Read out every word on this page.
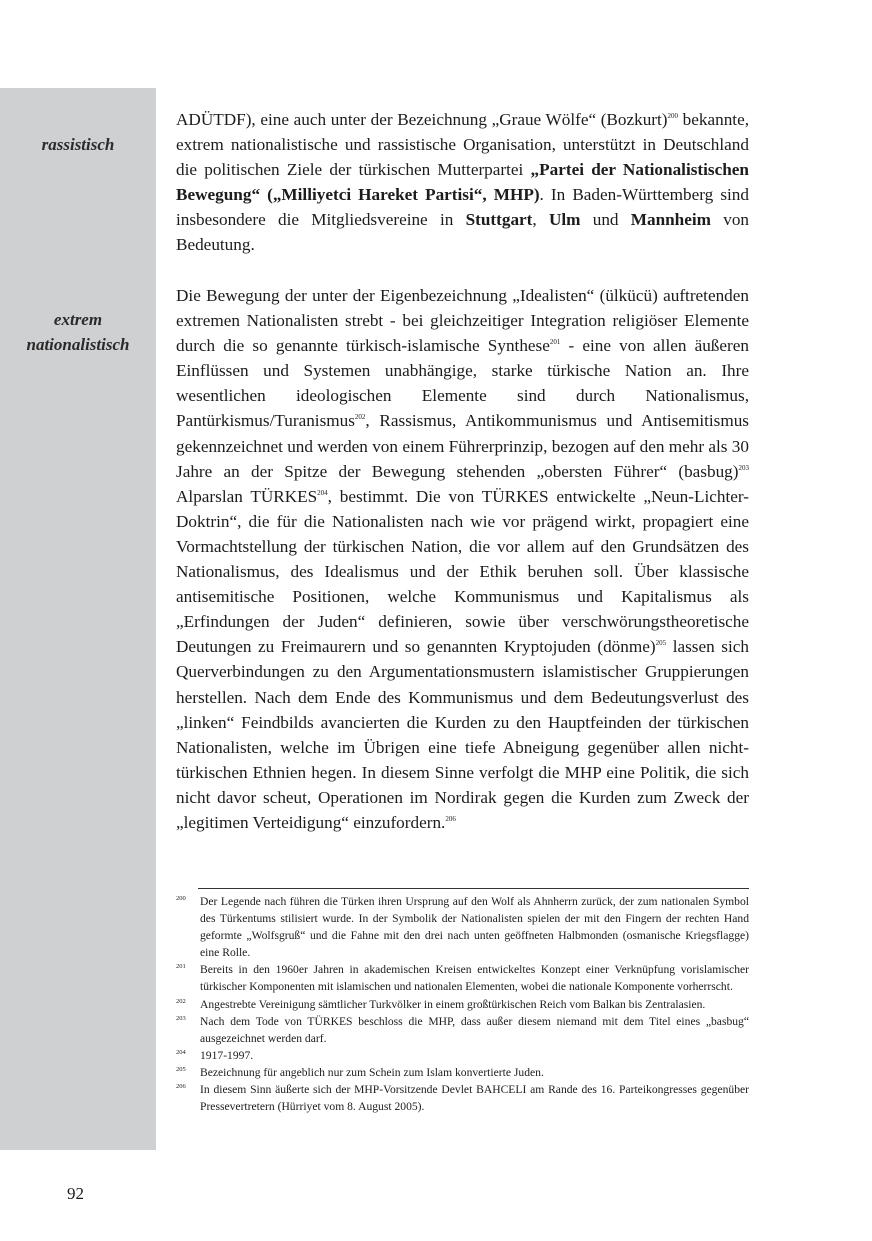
rassistisch
extrem
nationalistisch

ADÜTDF), eine auch unter der Bezeichnung „Graue Wölfe“ (Bozkurt)$^{200}$ bekannte, extrem nationalistische und rassistische Organisation, unterstützt in Deutschland die politischen Ziele der türkischen Mutterpartei „Partei der Nationalistischen Bewegung“ („Milliyetci Hareket Partisi“, MHP). In Baden-Württemberg sind insbesondere die Mitgliedsvereine in Stuttgart, Ulm und Mannheim von Bedeutung.

Die Bewegung der unter der Eigenbezeichnung „Idealisten“ (ülkücü) auftretenden extremen Nationalisten strebt - bei gleichzeitiger Integration religiöser Elemente durch die so genannte türkisch-islamische Synthese$^{201}$ - eine von allen äußeren Einflüssen und Systemen unabhängige, starke türkische Nation an. Ihre wesentlichen ideologischen Elemente sind durch Nationalismus, Pantürkismus/Turanismus$^{202}$, Rassismus, Antikommunismus und Antisemitismus gekennzeichnet und werden von einem Führerprinzip, bezogen auf den mehr als 30 Jahre an der Spitze der Bewegung stehenden „obersten Führer“ (basbug)$^{203}$ Alparslan TÜRKES$^{204}$, bestimmt. Die von TÜRKES entwickelte „Neun-Lichter-Doktrin“, die für die Nationalisten nach wie vor prägend wirkt, propagiert eine Vormachtstellung der türkischen Nation, die vor allem auf den Grundsätzen des Nationalismus, des Idealismus und der Ethik beruhen soll. Über klassische antisemitische Positionen, welche Kommunismus und Kapitalismus als „Erfindungen der Juden“ definieren, sowie über verschwörungstheoretische Deutungen zu Freimaurern und so genannten Kryptojuden (dönme)$^{205}$ lassen sich Querverbindungen zu den Argumentationsmustern islamistischer Gruppierungen herstellen. Nach dem Ende des Kommunismus und dem Bedeutungsverlust des „linken“ Feindbilds avancierten die Kurden zu den Hauptfeinden der türkischen Nationalisten, welche im Übrigen eine tiefe Abneigung gegenüber allen nicht-türkischen Ethnien hegen. In diesem Sinne verfolgt die MHP eine Politik, die sich nicht davor scheut, Operationen im Nordirak gegen die Kurden zum Zweck der „legitimen Verteidigung“ einzufordern.$^{206}$

200 Der Legende nach führen die Türken ihren Ursprung auf den Wolf als Ahnherrn zurück, der zum nationalen Symbol des Türkentums stilisiert wurde. In der Symbolik der Nationalisten spielen der mit den Fingern der rechten Hand geformte „Wolfsgruß“ und die Fahne mit den drei nach unten geöffneten Halbmonden (osmanische Kriegsflagge) eine Rolle.
201 Bereits in den 1960er Jahren in akademischen Kreisen entwickeltes Konzept einer Verknüpfung vorislamischer türkischer Komponenten mit islamischen und nationalen Elementen, wobei die nationale Komponente vorherrscht.
202 Angestrebte Vereinigung sämtlicher Turkvölker in einem großtürkischen Reich vom Balkan bis Zentralasien.
203 Nach dem Tode von TÜRKES beschloss die MHP, dass außer diesem niemand mit dem Titel eines „basbug“ ausgezeichnet werden darf.
204 1917-1997.
205 Bezeichnung für angeblich nur zum Schein zum Islam konvertierte Juden.
206 In diesem Sinn äußerte sich der MHP-Vorsitzende Devlet BAHCELI am Rande des 16. Parteikongresses gegenüber Pressevertretern (Hürriyet vom 8. August 2005).
92
